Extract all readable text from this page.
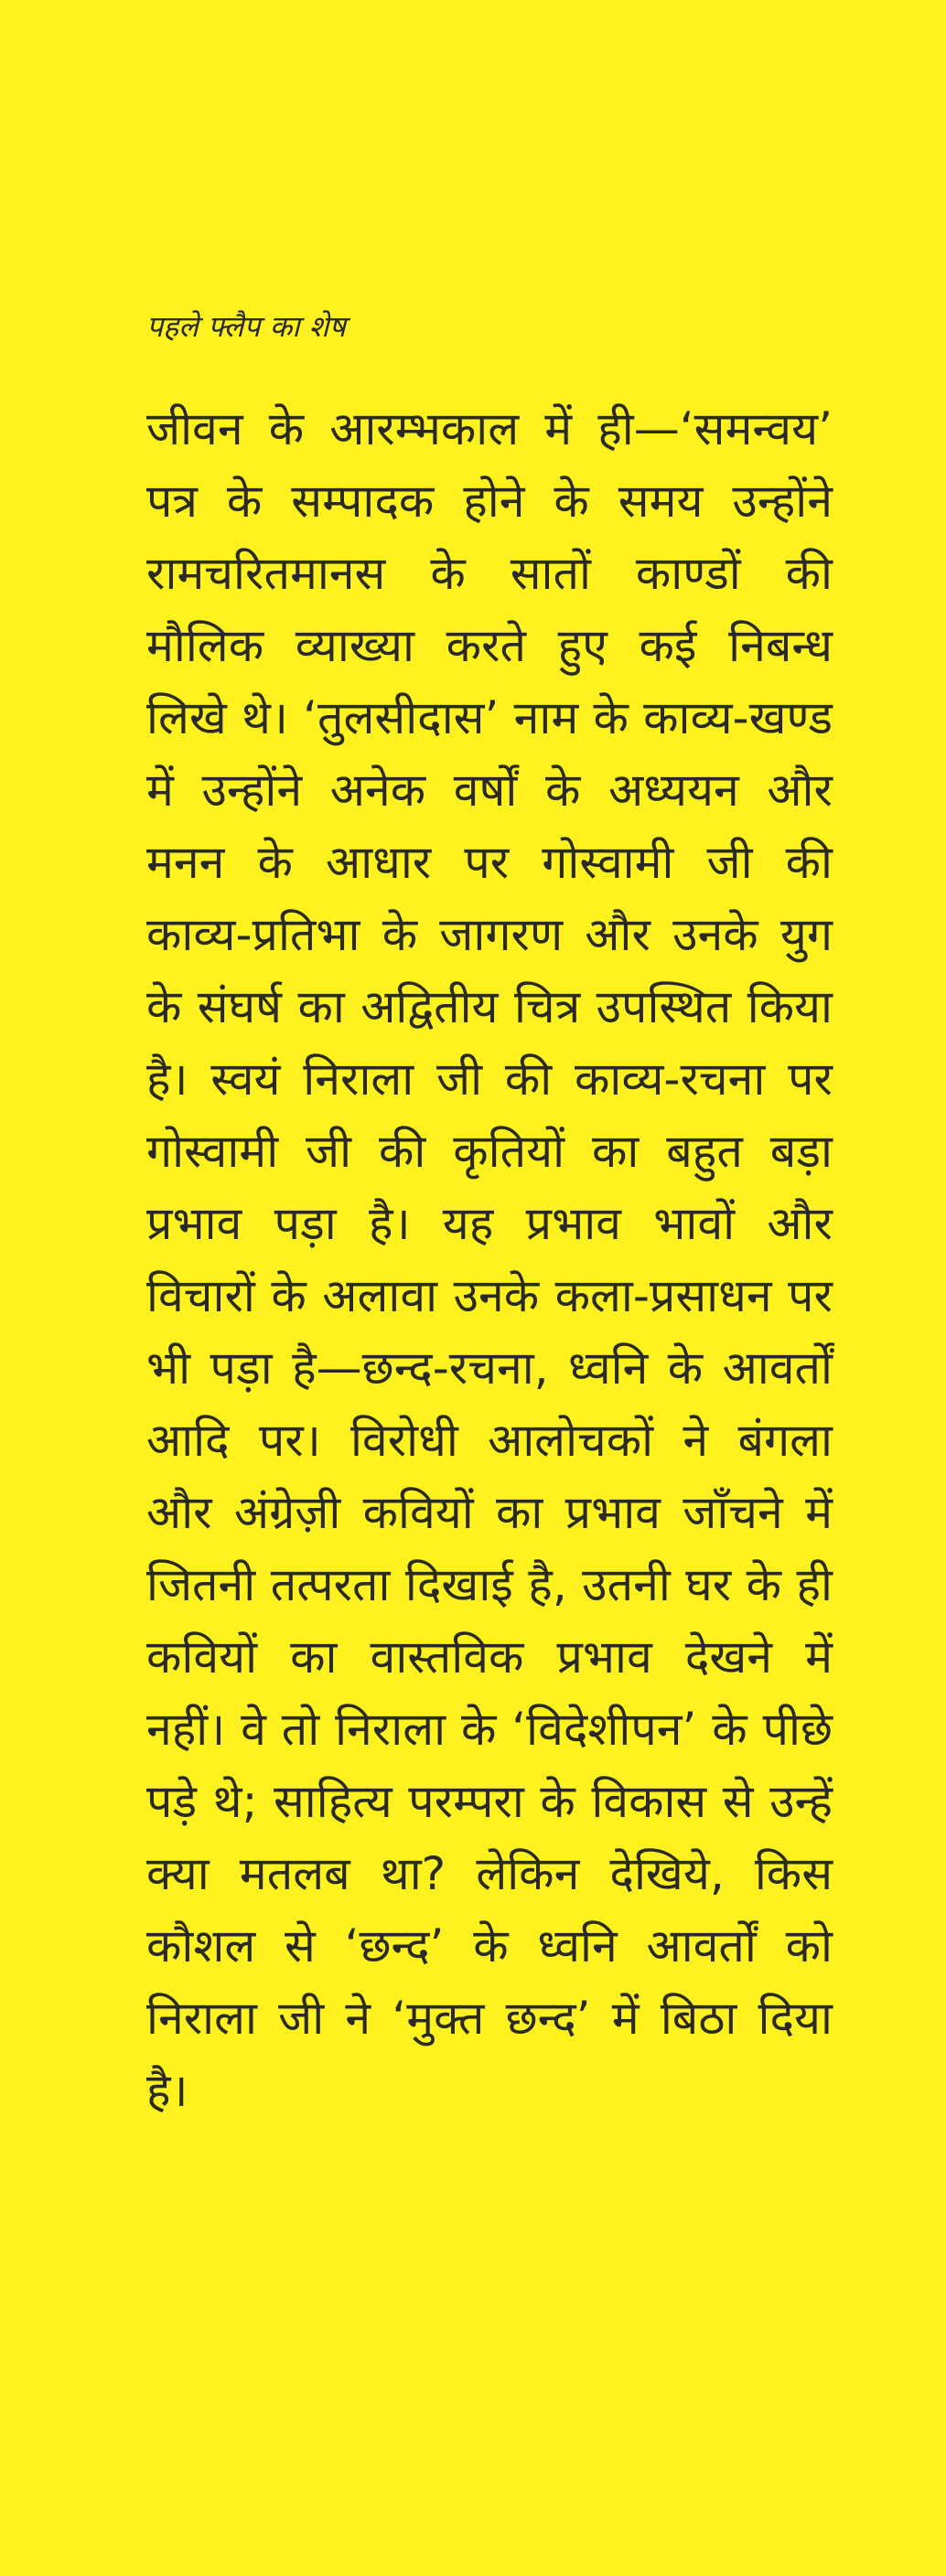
पहले फ्लैप का शेष

जीवन के आरम्भकाल में ही—‘समन्वय’ पत्र के सम्पादक होने के समय उन्होंने रामचरितमानस के सातों काण्डों की मौलिक व्याख्या करते हुए कई निबन्ध लिखे थे। ‘तुलसीदास’ नाम के काव्य-खण्ड में उन्होंने अनेक वर्षों के अध्ययन और मनन के आधार पर गोस्वामी जी की काव्य-प्रतिभा के जागरण और उनके युग के संघर्ष का अद्वितीय चित्र उपस्थित किया है। स्वयं निराला जी की काव्य-रचना पर गोस्वामी जी की कृतियों का बहुत बड़ा प्रभाव पड़ा है। यह प्रभाव भावों और विचारों के अलावा उनके कला-प्रसाधन पर भी पड़ा है—छन्द-रचना, ध्वनि के आवर्तों आदि पर। विरोधी आलोचकों ने बंगला और अंग्रेज़ी कवियों का प्रभाव जाँचने में जितनी तत्परता दिखाई है, उतनी घर के ही कवियों का वास्तविक प्रभाव देखने में नहीं। वे तो निराला के ‘विदेशीपन’ के पीछे पड़े थे; साहित्य परम्परा के विकास से उन्हें क्या मतलब था? लेकिन देखिये, किस कौशल से ‘छन्द’ के ध्वनि आवर्तों को निराला जी ने ‘मुक्त छन्द’ में बिठा दिया है।
